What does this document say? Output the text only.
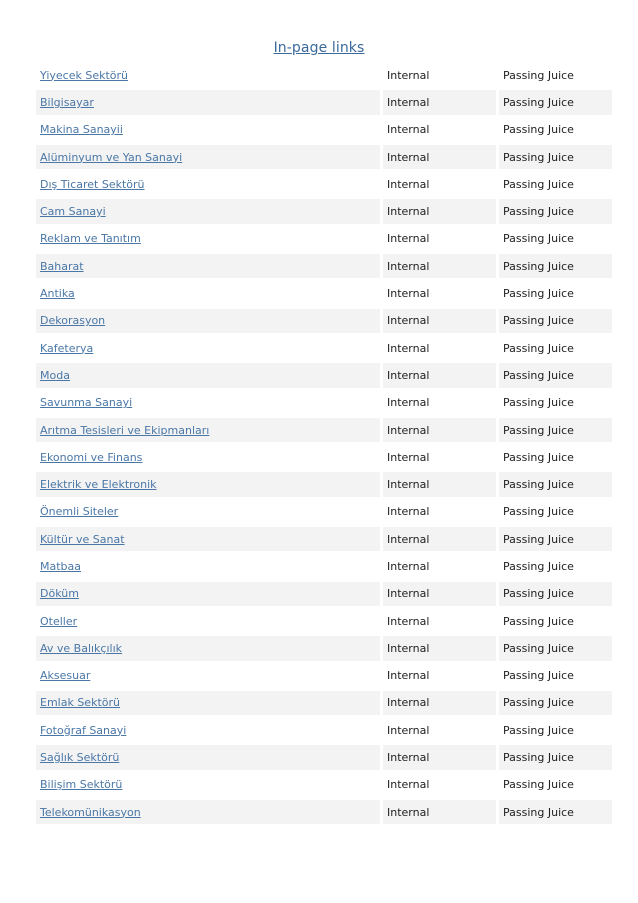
In-page links
Yiyecek Sektörü	Internal	Passing Juice
Bilgisayar	Internal	Passing Juice
Makina Sanayii	Internal	Passing Juice
Alüminyum ve Yan Sanayi	Internal	Passing Juice
Dış Ticaret Sektörü	Internal	Passing Juice
Cam Sanayi	Internal	Passing Juice
Reklam ve Tanıtım	Internal	Passing Juice
Baharat	Internal	Passing Juice
Antika	Internal	Passing Juice
Dekorasyon	Internal	Passing Juice
Kafeterya	Internal	Passing Juice
Moda	Internal	Passing Juice
Savunma Sanayi	Internal	Passing Juice
Arıtma Tesisleri ve Ekipmanları	Internal	Passing Juice
Ekonomi ve Finans	Internal	Passing Juice
Elektrik ve Elektronik	Internal	Passing Juice
Önemli Siteler	Internal	Passing Juice
Kültür ve Sanat	Internal	Passing Juice
Matbaa	Internal	Passing Juice
Döküm	Internal	Passing Juice
Oteller	Internal	Passing Juice
Av ve Balıkçılık	Internal	Passing Juice
Aksesuar	Internal	Passing Juice
Emlak Sektörü	Internal	Passing Juice
Fotoğraf Sanayi	Internal	Passing Juice
Sağlık Sektörü	Internal	Passing Juice
Bilişim Sektörü	Internal	Passing Juice
Telekomünikasyon	Internal	Passing Juice
